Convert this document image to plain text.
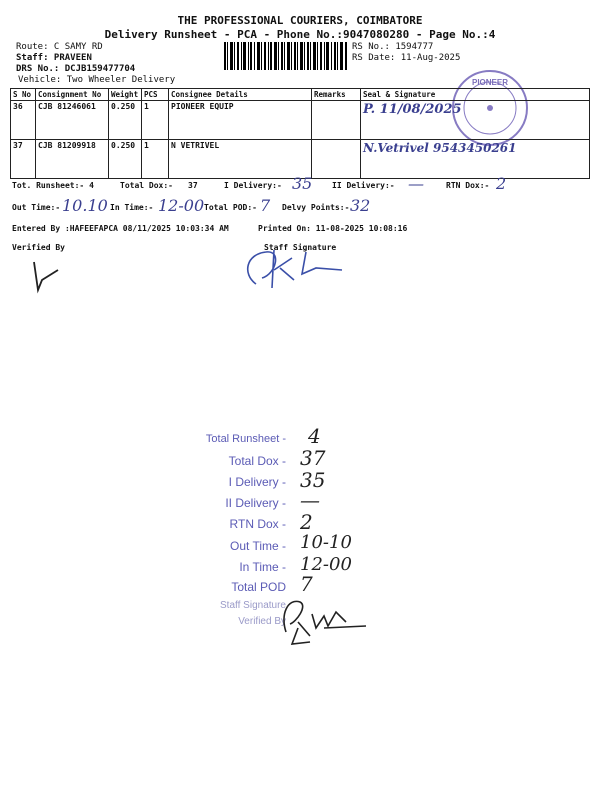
THE PROFESSIONAL COURIERS, COIMBATORE
Delivery Runsheet - PCA - Phone No.:9047080280 - Page No.:4
Route: C SAMY RD
Staff: PRAVEEN
DRS No.: DCJB159477704
Vehicle: Two Wheeler Delivery
RS No.: 1594777
RS Date: 11-Aug-2025
PIONEER
S No	Consignment No	Weight	PCS	Consignee Details	Remarks	Seal & Signature
36	CJB 81246061	0.250	1	PIONEER EQUIP		P. 11/08/2025
37	CJB 81209918	0.250	1	N VETRIVEL		N.Vetrivel 9543450261
Tot. Runsheet:- 4	Total Dox:- 37	I Delivery:- 35 II Delivery:- —	RTN Dox:- 2
Out Time:- 10.10 In Time:- 12-00 Total POD:- 7 Delvy Points:- 32
Entered By :HAFEEFAPCA 08/11/2025 10:03:34 AM	Printed On: 11-08-2025 10:08:16
Verified By	Staff Signature
Total Runsheet - 4
Total Dox - 37
I Delivery - 35
II Delivery - —
RTN Dox - 2
Out Time - 10-10
In Time - 12-00
Total POD 7
Staff Signature
Verified By
